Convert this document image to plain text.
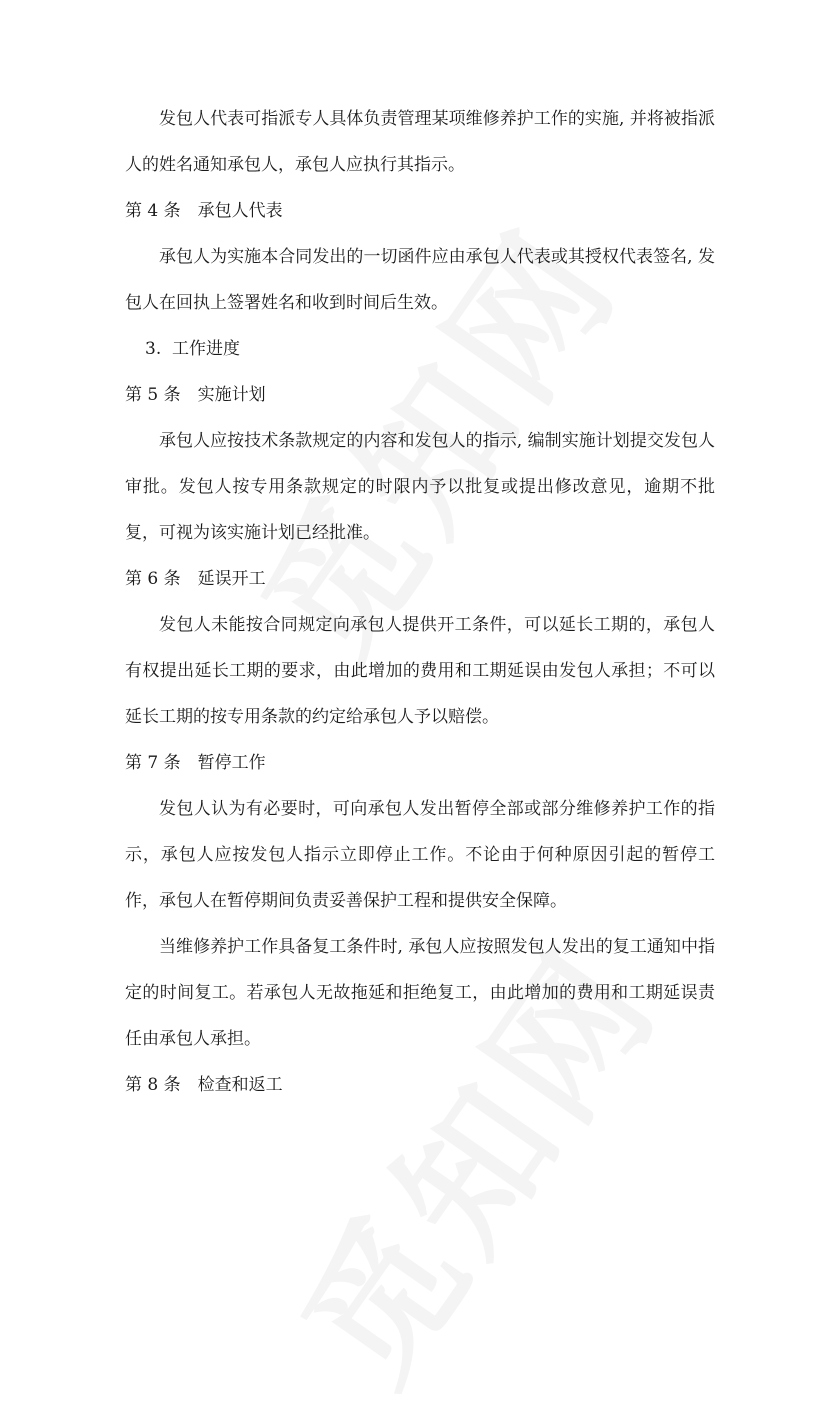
发包人代表可指派专人具体负责管理某项维修养护工作的实施, 并将被指派人的姓名通知承包人，承包人应执行其指示。

第 4 条　承包人代表

承包人为实施本合同发出的一切函件应由承包人代表或其授权代表签名, 发包人在回执上签署姓名和收到时间后生效。

3.  工作进度

第 5 条　实施计划

承包人应按技术条款规定的内容和发包人的指示, 编制实施计划提交发包人审批。发包人按专用条款规定的时限内予以批复或提出修改意见，逾期不批复，可视为该实施计划已经批准。

第 6 条　延误开工

发包人未能按合同规定向承包人提供开工条件，可以延长工期的，承包人有权提出延长工期的要求，由此增加的费用和工期延误由发包人承担；不可以延长工期的按专用条款的约定给承包人予以赔偿。

第 7 条　暂停工作

发包人认为有必要时，可向承包人发出暂停全部或部分维修养护工作的指示，承包人应按发包人指示立即停止工作。不论由于何种原因引起的暂停工作，承包人在暂停期间负责妥善保护工程和提供安全保障。

当维修养护工作具备复工条件时, 承包人应按照发包人发出的复工通知中指定的时间复工。若承包人无故拖延和拒绝复工，由此增加的费用和工期延误责任由承包人承担。

第 8 条　检查和返工
